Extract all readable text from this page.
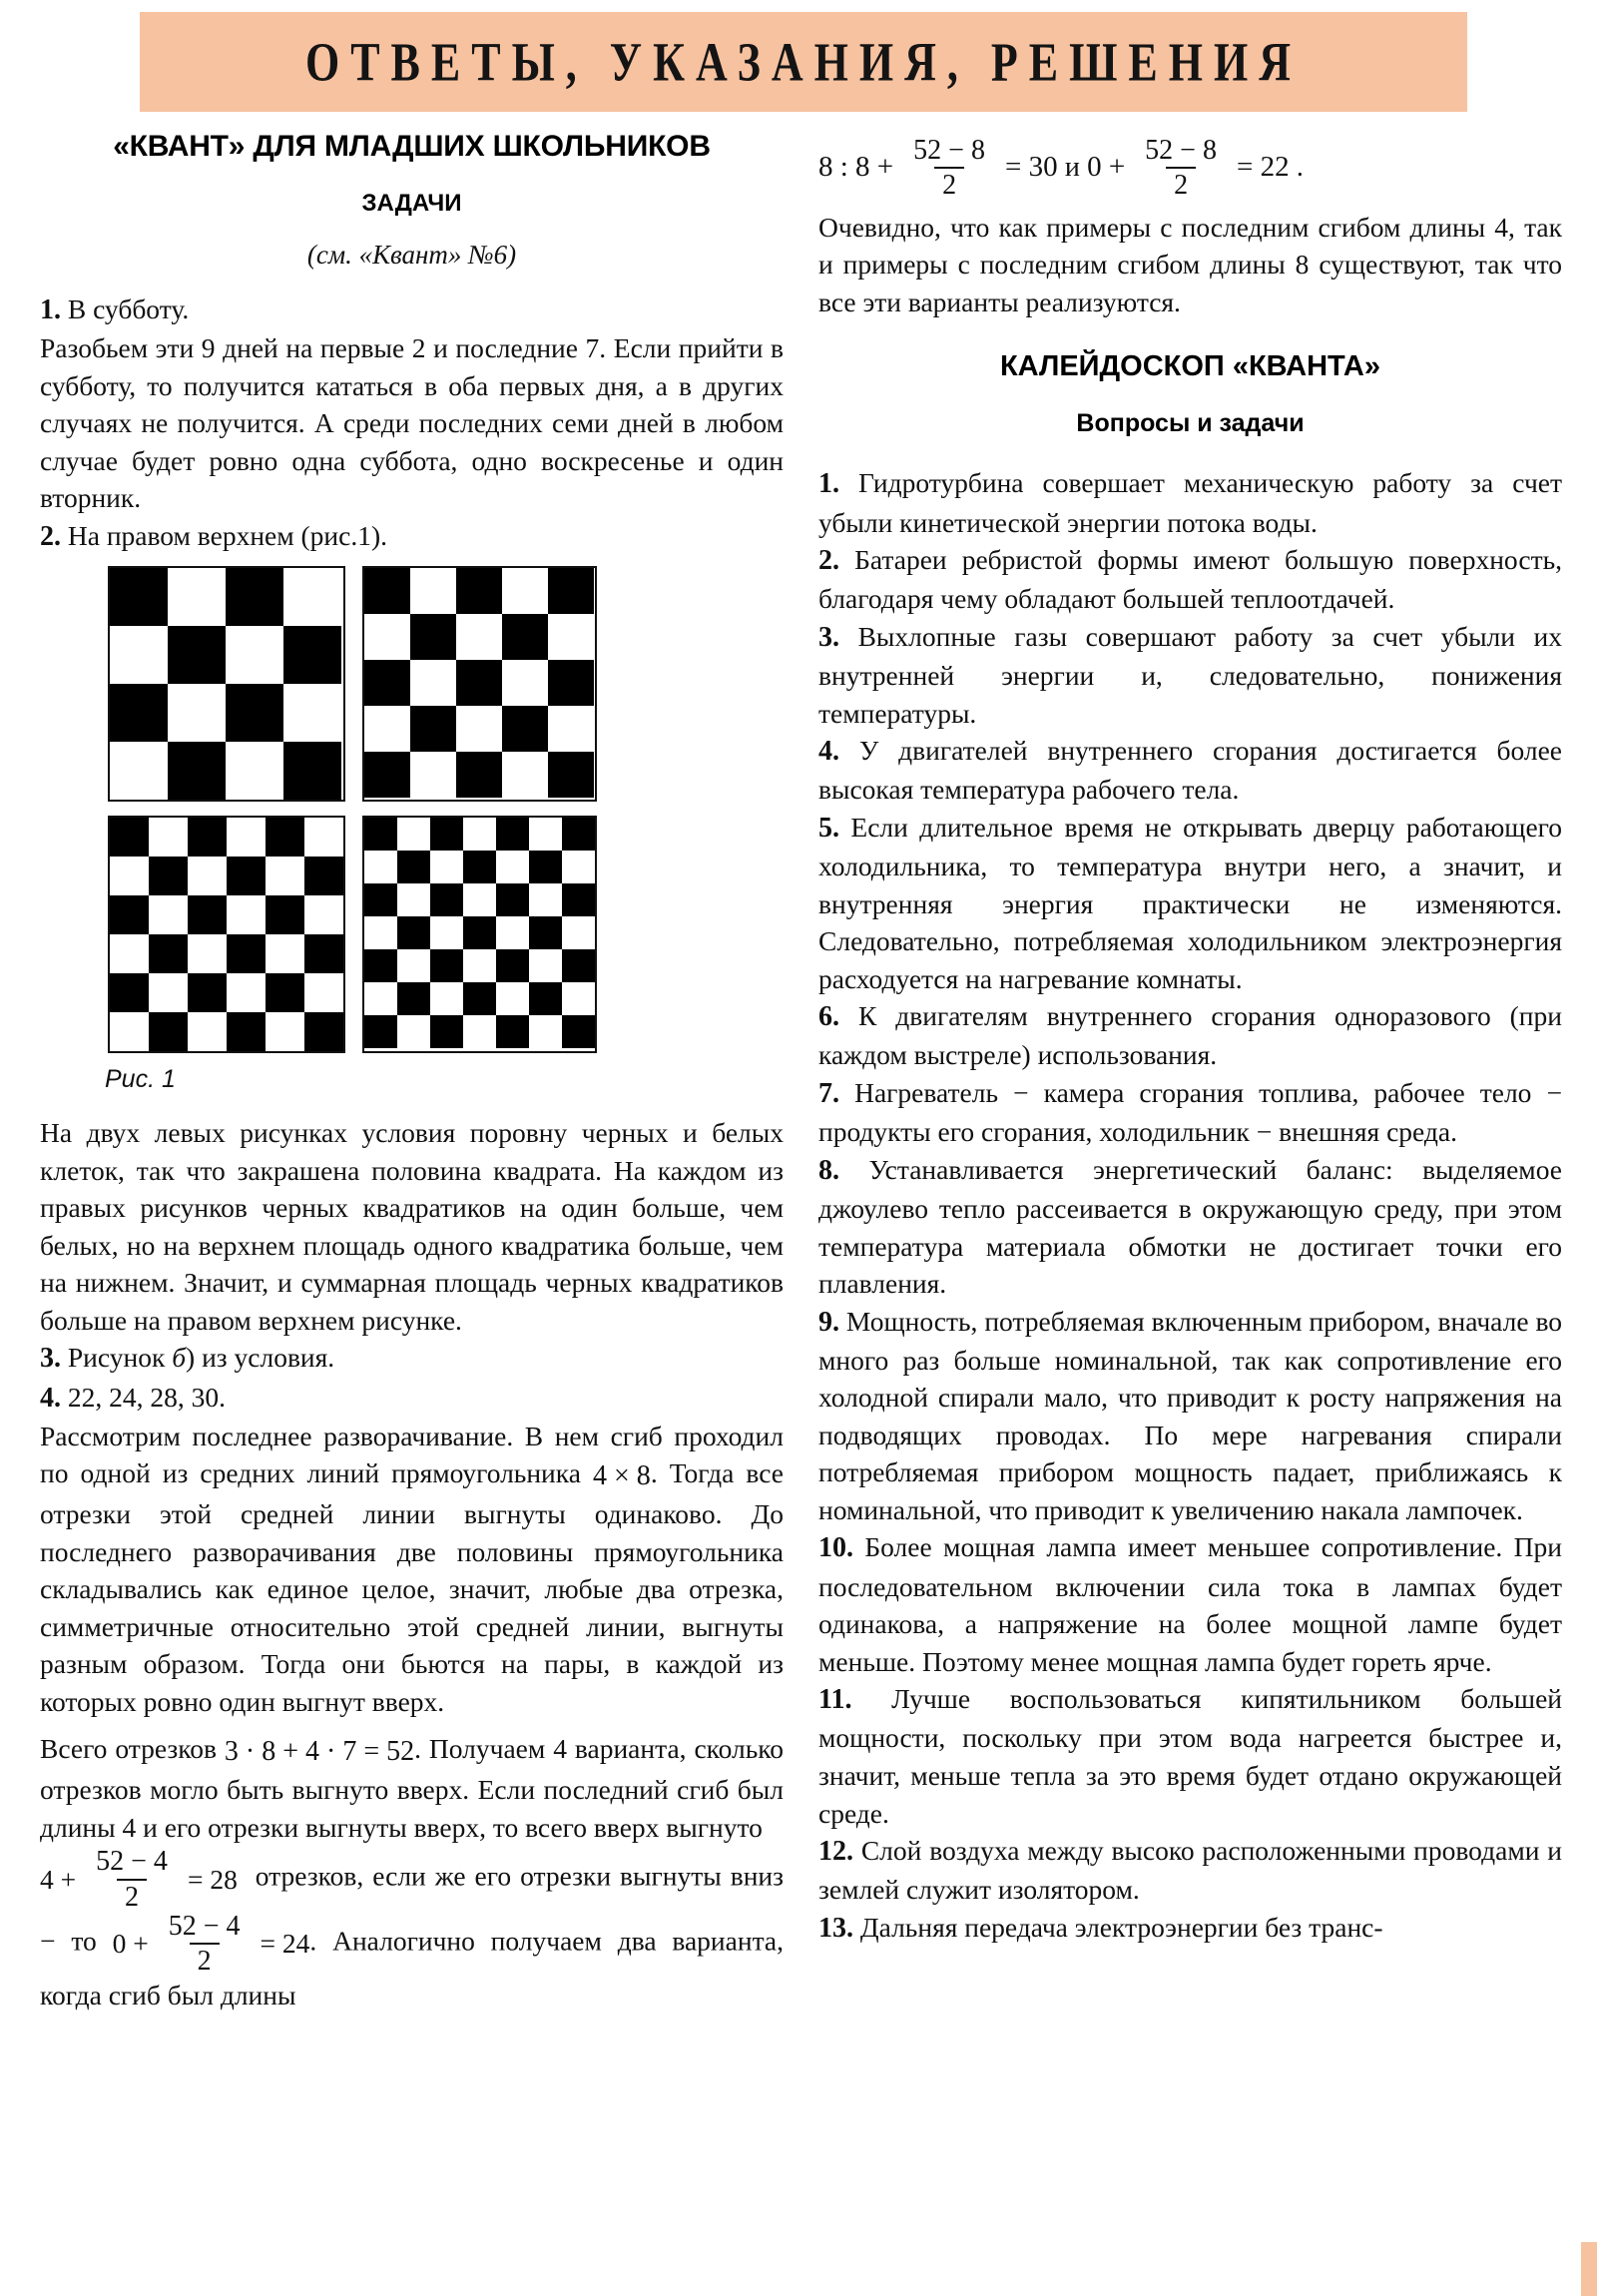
ОТВЕТЫ, УКАЗАНИЯ, РЕШЕНИЯ
«КВАНТ» ДЛЯ МЛАДШИХ ШКОЛЬНИКОВ
ЗАДАЧИ
(см. «Квант» №6)

1. В субботу.

Разобьем эти 9 дней на первые 2 и последние 7. Если прийти в субботу, то получится кататься в оба первых дня, а в других случаях не получится. А среди последних семи дней в любом случае будет ровно одна суббота, одно воскресенье и один вторник.

2. На правом верхнем (рис.1).

Рис. 1

На двух левых рисунках условия поровну черных и белых клеток, так что закрашена половина квадрата. На каждом из правых рисунков черных квадратиков на один больше, чем белых, но на верхнем площадь одного квадратика больше, чем на нижнем. Значит, и суммарная площадь черных квадратиков больше на правом верхнем рисунке.

3. Рисунок б) из условия.

4. 22, 24, 28, 30.

Рассмотрим последнее разворачивание. В нем сгиб проходил по одной из средних линий прямоугольника 4 × 8. Тогда все отрезки этой средней линии выгнуты одинаково. До последнего разворачивания две половины прямоугольника складывались как единое целое, значит, любые два отрезка, симметричные относительно этой средней линии, выгнуты разным образом. Тогда они бьются на пары, в каждой из которых ровно один выгнут вверх.

Всего отрезков 3 · 8 + 4 · 7 = 52. Получаем 4 варианта, сколько отрезков могло быть выгнуто вверх. Если последний сгиб был длины 4 и его отрезки выгнуты вверх, то всего вверх выгнуто

$4 + \frac{52 - 4}{2} = 28$ отрезков, если же его отрезки выгнуты вниз − то $0 + \frac{52 - 4}{2} = 24$ . Аналогично получаем два варианта, когда сгиб был длины

8 : $8 + \frac{52 - 8}{2} = 30$ и $0 + \frac{52 - 8}{2} = 22$ .

Очевидно, что как примеры с последним сгибом длины 4, так и примеры с последним сгибом длины 8 существуют, так что все эти варианты реализуются.

КАЛЕЙДОСКОП «КВАНТА»
Вопросы и задачи

1. Гидротурбина совершает механическую работу за счет убыли кинетической энергии потока воды.

2. Батареи ребристой формы имеют большую поверхность, благодаря чему обладают большей теплоотдачей.

3. Выхлопные газы совершают работу за счет убыли их внутренней энергии и, следовательно, понижения температуры.

4. У двигателей внутреннего сгорания достигается более высокая температура рабочего тела.

5. Если длительное время не открывать дверцу работающего холодильника, то температура внутри него, а значит, и внутренняя энергия практически не изменяются. Следовательно, потребляемая холодильником электроэнергия расходуется на нагревание комнаты.

6. К двигателям внутреннего сгорания одноразового (при каждом выстреле) использования.

7. Нагреватель − камера сгорания топлива, рабочее тело − продукты его сгорания, холодильник − внешняя среда.

8. Устанавливается энергетический баланс: выделяемое джоулево тепло рассеивается в окружающую среду, при этом температура материала обмотки не достигает точки его плавления.

9. Мощность, потребляемая включенным прибором, вначале во много раз больше номинальной, так как сопротивление его холодной спирали мало, что приводит к росту напряжения на подводящих проводах. По мере нагревания спирали потребляемая прибором мощность падает, приближаясь к номинальной, что приводит к увеличению накала лампочек.

10. Более мощная лампа имеет меньшее сопротивление. При последовательном включении сила тока в лампах будет одинакова, а напряжение на более мощной лампе будет меньше. Поэтому менее мощная лампа будет гореть ярче.

11. Лучше воспользоваться кипятильником большей мощности, поскольку при этом вода нагреется быстрее и, значит, меньше тепла за это время будет отдано окружающей среде.

12. Слой воздуха между высоко расположенными проводами и землей служит изолятором.

13. Дальняя передача электроэнергии без транс-
